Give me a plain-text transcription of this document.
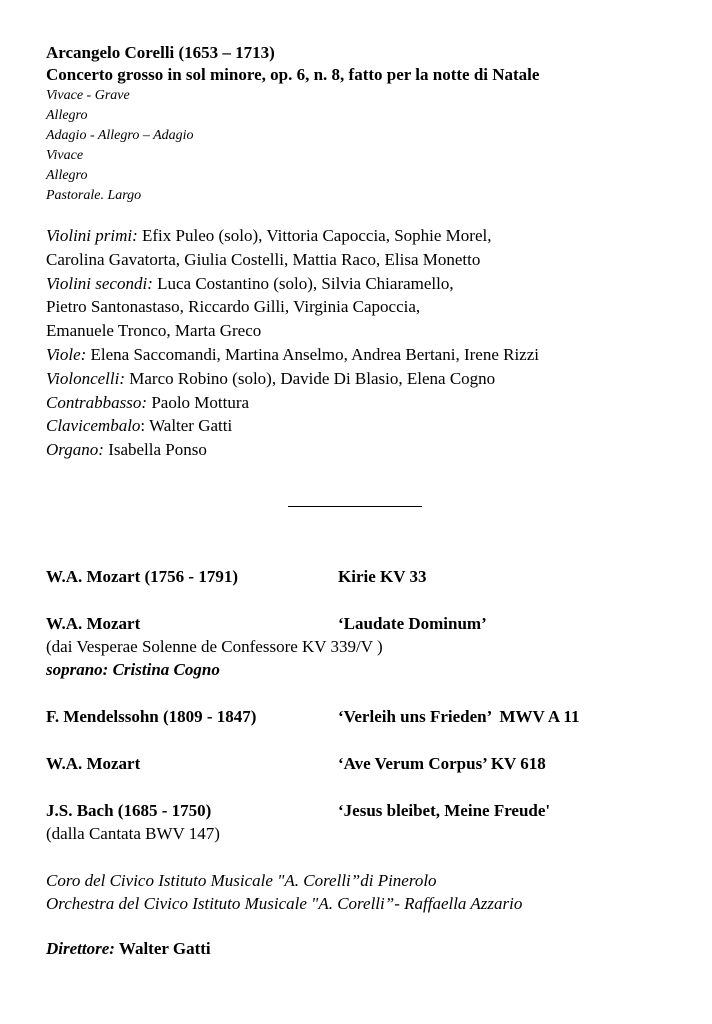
Arcangelo Corelli (1653 – 1713)
Concerto grosso in sol minore, op. 6, n. 8, fatto per la notte di Natale
Vivace - Grave
Allegro
Adagio - Allegro – Adagio
Vivace
Allegro
Pastorale. Largo
Violini primi: Efix Puleo (solo), Vittoria Capoccia, Sophie Morel,
Carolina Gavatorta, Giulia Costelli, Mattia Raco, Elisa Monetto
Violini secondi: Luca Costantino (solo), Silvia Chiaramello,
Pietro Santonastaso, Riccardo Gilli, Virginia Capoccia,
Emanuele Tronco, Marta Greco
Viole: Elena Saccomandi, Martina Anselmo, Andrea Bertani, Irene Rizzi
Violoncelli: Marco Robino (solo), Davide Di Blasio, Elena Cogno
Contrabbasso: Paolo Mottura
Clavicembalo: Walter Gatti
Organo: Isabella Ponso
W.A. Mozart (1756 - 1791)	Kirie KV 33
W.A. Mozart	‘Laudate Dominum’
(dai Vesperae Solenne de Confessore KV 339/V )
soprano: Cristina Cogno
F. Mendelssohn (1809 - 1847)	‘Verleih uns Frieden’  MWV A 11
W.A. Mozart	‘Ave Verum Corpus’ KV 618
J.S. Bach (1685 - 1750)	‘Jesus bleibet, Meine Freude'
(dalla Cantata BWV 147)
Coro del Civico Istituto Musicale "A. Corelli”di Pinerolo
Orchestra del Civico Istituto Musicale "A. Corelli”- Raffaella Azzario
Direttore: Walter Gatti
